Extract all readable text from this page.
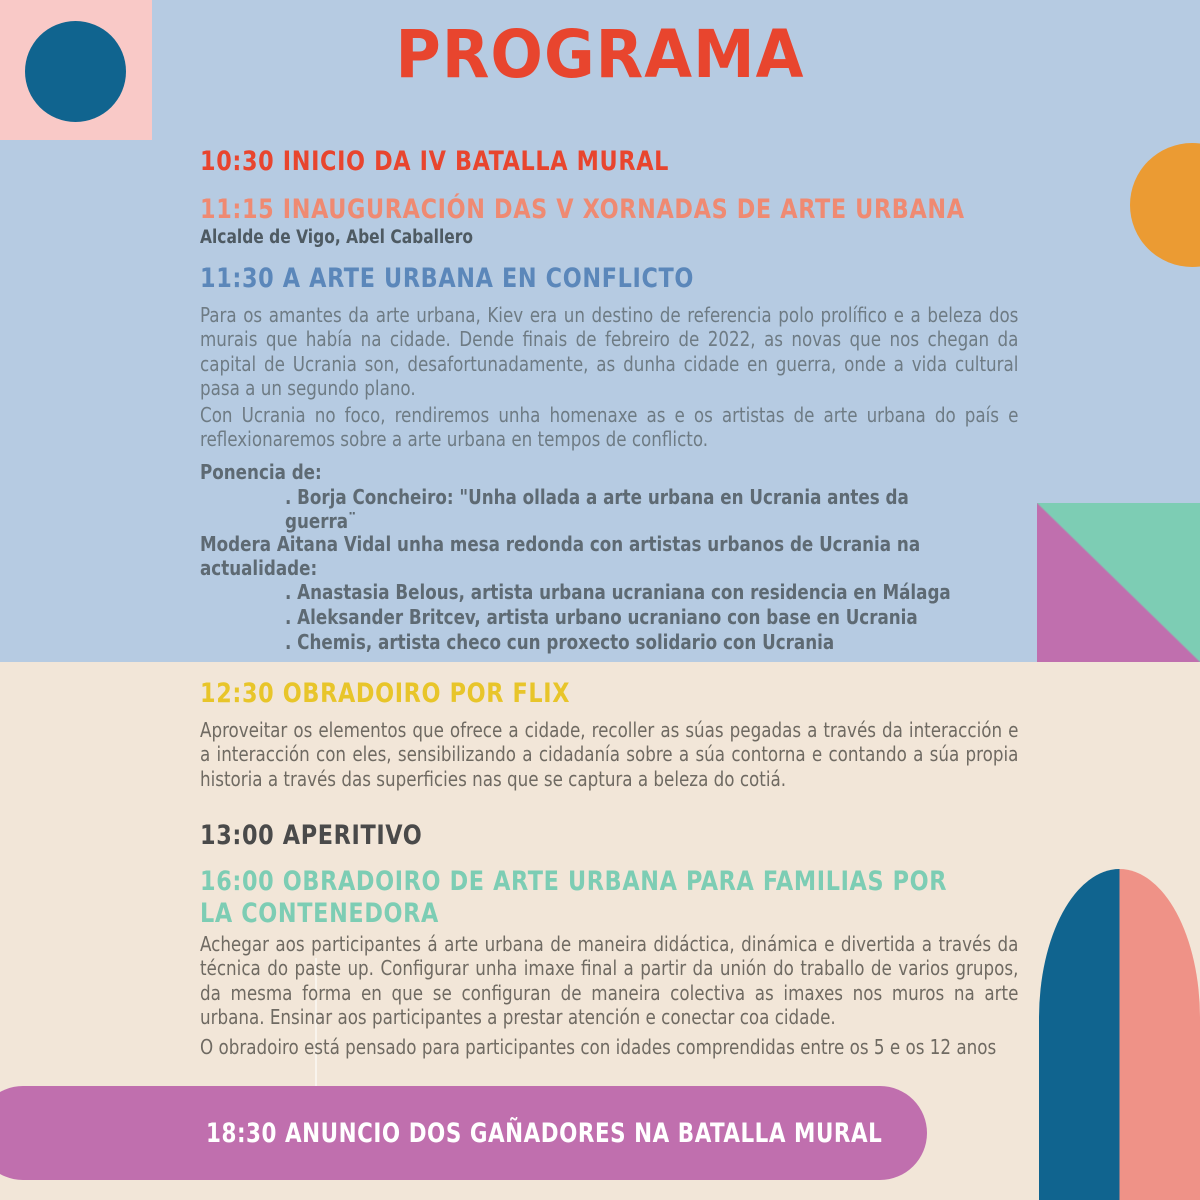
PROGRAMA
10:30 INICIO DA IV BATALLA MURAL
11:15 INAUGURACIÓN DAS V XORNADAS DE ARTE URBANA
Alcalde de Vigo, Abel Caballero
11:30 A ARTE URBANA EN CONFLICTO
Para os amantes da arte urbana, Kiev era un destino de referencia polo prolífico e a beleza dos murais que había na cidade. Dende finais de febreiro de 2022, as novas que nos chegan da capital de Ucrania son, desafortunadamente, as dunha cidade en guerra, onde a vida cultural pasa a un segundo plano.
Con Ucrania no foco, rendiremos unha homenaxe as e os artistas de arte urbana do país e reflexionaremos sobre a arte urbana en tempos de conflicto.
Ponencia de:
. Borja Concheiro: "Unha ollada a arte urbana en Ucrania antes da guerra¨
Modera Aitana Vidal unha mesa redonda con artistas urbanos de Ucrania na actualidade:
. Anastasia Belous, artista urbana ucraniana con residencia en Málaga
. Aleksander Britcev, artista urbano ucraniano con base en Ucrania
. Chemis, artista checo cun proxecto solidario con Ucrania
12:30 OBRADOIRO POR FLIX
Aproveitar os elementos que ofrece a cidade, recoller as súas pegadas a través da interacción e a interacción con eles, sensibilizando a cidadanía sobre a súa contorna e contando a súa propia historia a través das superficies nas que se captura a beleza do cotiá.
13:00 APERITIVO
16:00 OBRADOIRO DE ARTE URBANA PARA FAMILIAS POR LA CONTENEDORA
Achegar aos participantes á arte urbana de maneira didáctica, dinámica e divertida a través da técnica do paste up. Configurar unha imaxe final a partir da unión do traballo de varios grupos, da mesma forma en que se configuran de maneira colectiva as imaxes nos muros na arte urbana. Ensinar aos participantes a prestar atención e conectar coa cidade.
O obradoiro está pensado para participantes con idades comprendidas entre os 5 e os 12 anos
18:30 ANUNCIO DOS GAÑADORES NA BATALLA MURAL
